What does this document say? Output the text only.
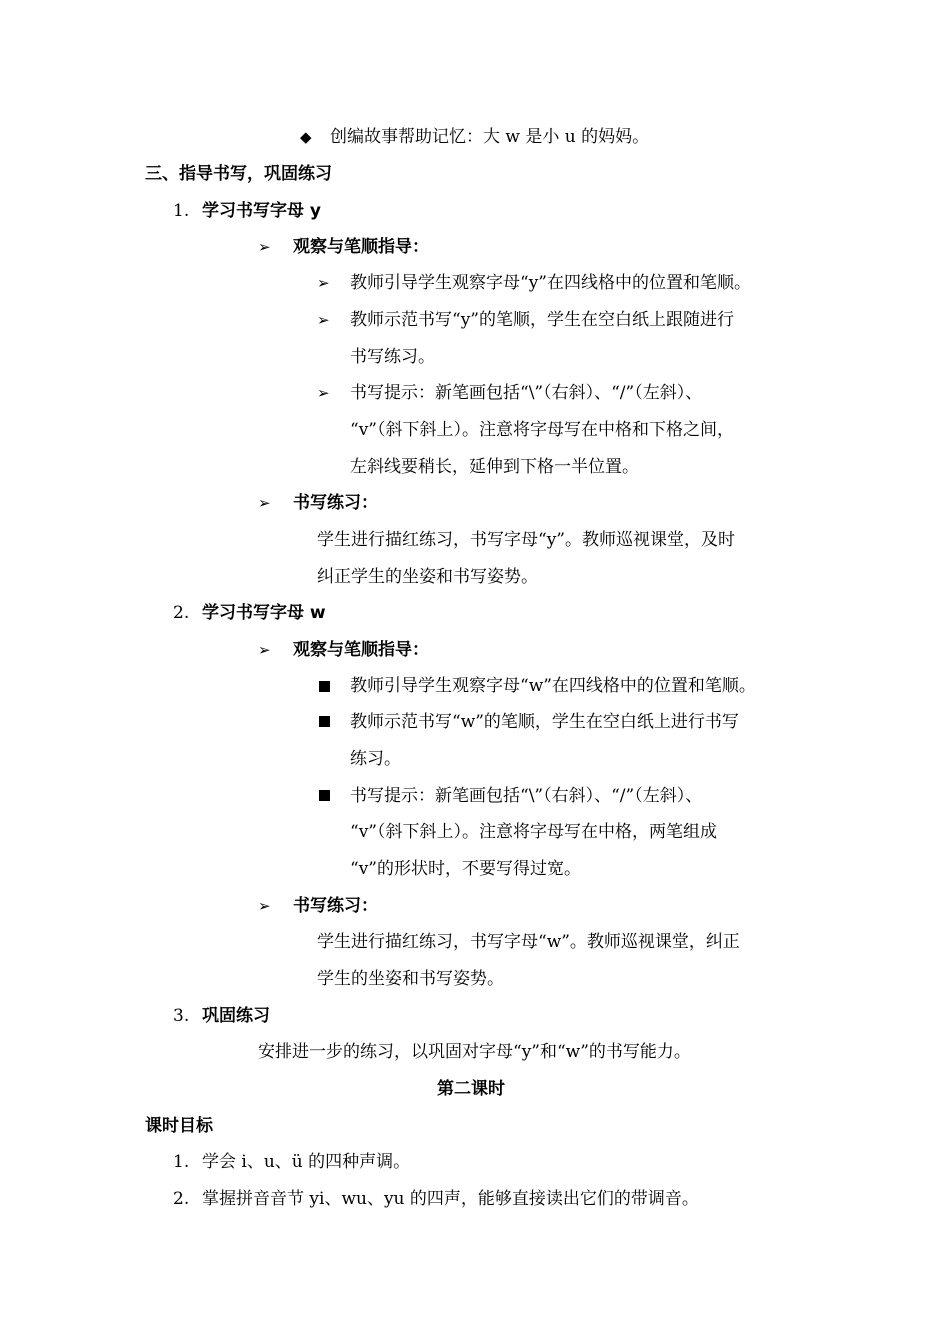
◆ 创编故事帮助记忆：大 w 是小 u 的妈妈。
三、指导书写，巩固练习
1. 学习书写字母 y
➢ 观察与笔顺指导：
➢ 教师引导学生观察字母“y”在四线格中的位置和笔顺。
➢ 教师示范书写“y”的笔顺，学生在空白纸上跟随进行
书写练习。
➢ 书写提示：新笔画包括“\”（右斜）、“/”（左斜）、
“v”（斜下斜上）。注意将字母写在中格和下格之间，
左斜线要稍长，延伸到下格一半位置。
➢ 书写练习：
学生进行描红练习，书写字母“y”。教师巡视课堂，及时
纠正学生的坐姿和书写姿势。
2. 学习书写字母 w
➢ 观察与笔顺指导：
教师引导学生观察字母“w”在四线格中的位置和笔顺。
教师示范书写“w”的笔顺，学生在空白纸上进行书写
练习。
书写提示：新笔画包括“\”（右斜）、“/”（左斜）、
“v”（斜下斜上）。注意将字母写在中格，两笔组成
“v”的形状时，不要写得过宽。
➢ 书写练习：
学生进行描红练习，书写字母“w”。教师巡视课堂，纠正
学生的坐姿和书写姿势。
3. 巩固练习
安排进一步的练习，以巩固对字母“y”和“w”的书写能力。
第二课时
课时目标
1. 学会 i、u、ü 的四种声调。
2. 掌握拼音音节 yi、wu、yu 的四声，能够直接读出它们的带调音。
